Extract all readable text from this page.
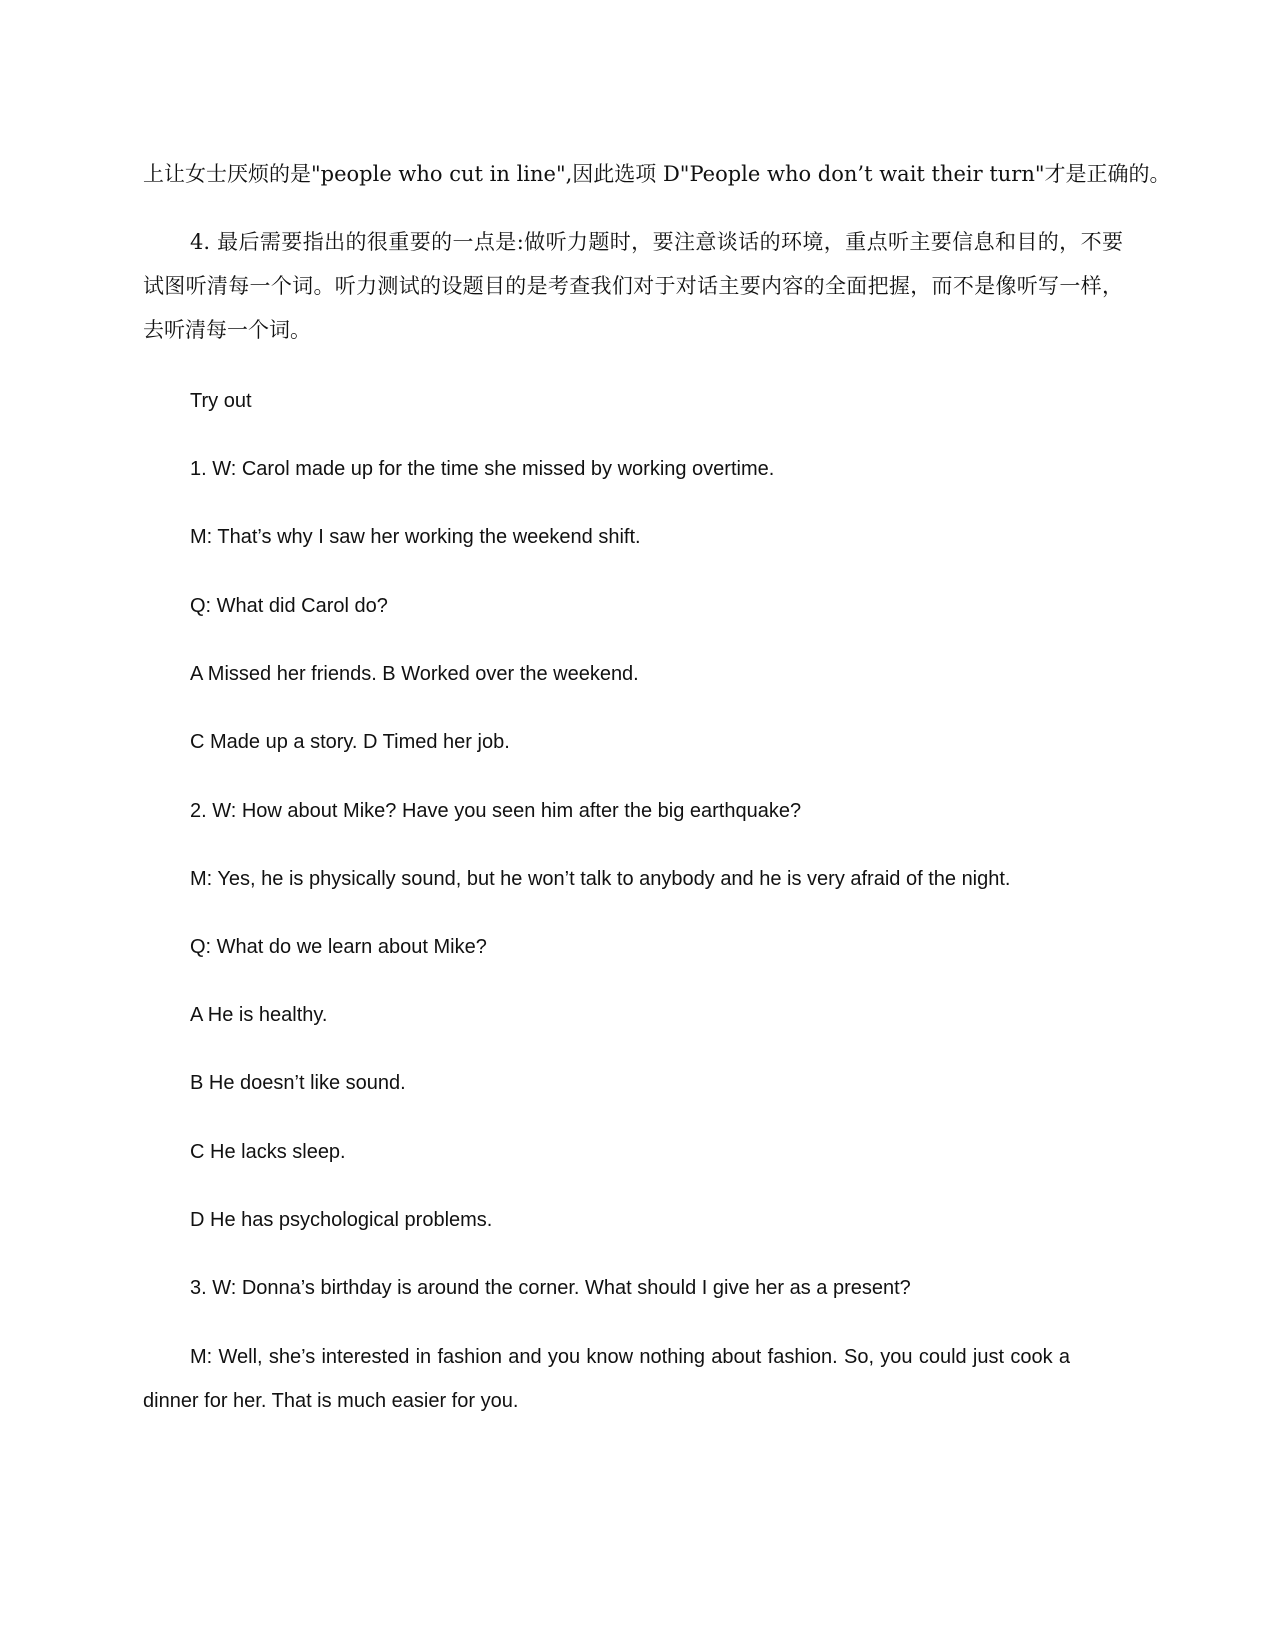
上让女士厌烦的是"people who cut in line",因此选项 D"People who don’t wait their turn"才是正确的。
4. 最后需要指出的很重要的一点是:做听力题时，要注意谈话的环境，重点听主要信息和目的，不要
试图听清每一个词。听力测试的设题目的是考查我们对于对话主要内容的全面把握，而不是像听写一样，
去听清每一个词。
Try out
1. W: Carol made up for the time she missed by working overtime.
M: That’s why I saw her working the weekend shift.
Q: What did Carol do?
A Missed her friends. B Worked over the weekend.
C Made up a story. D Timed her job.
2. W: How about Mike? Have you seen him after the big earthquake?
M: Yes, he is physically sound, but he won’t talk to anybody and he is very afraid of the night.
Q: What do we learn about Mike?
A He is healthy.
B He doesn’t like sound.
C He lacks sleep.
D He has psychological problems.
3. W: Donna’s birthday is around the corner. What should I give her as a present?
M: Well, she’s interested in fashion and you know nothing about fashion. So, you could just cook a
dinner for her. That is much easier for you.
